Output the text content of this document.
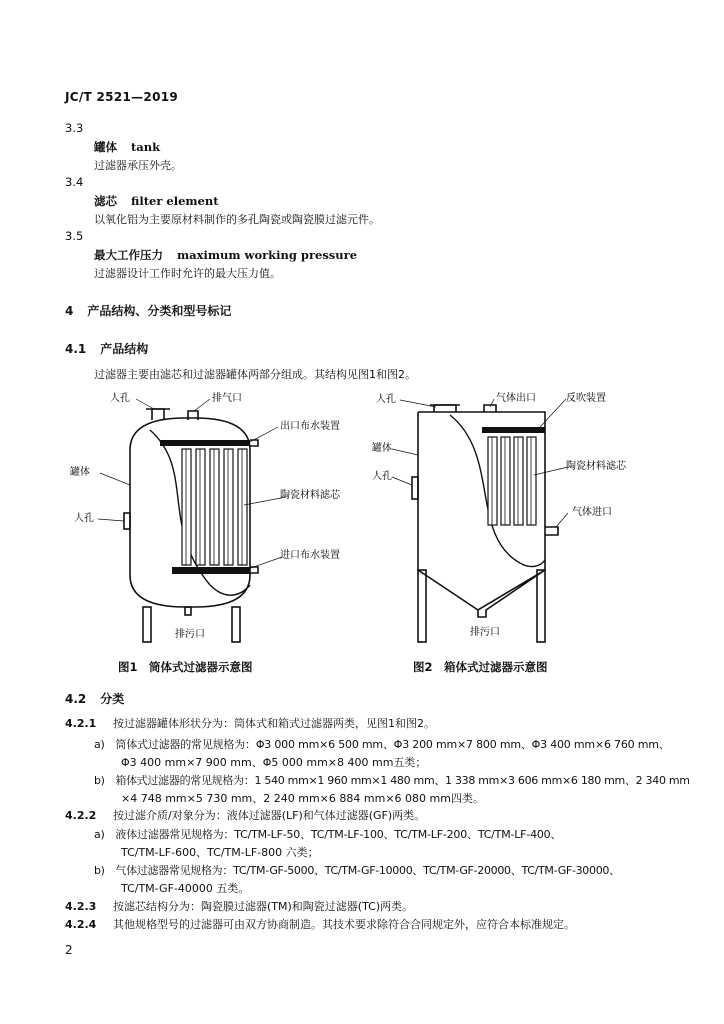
JC/T 2521—2019
3.3
罐体 tank
过滤器承压外壳。
3.4
滤芯 filter element
以氧化铝为主要原材料制作的多孔陶瓷或陶瓷膜过滤元件。
3.5
最大工作压力 maximum working pressure
过滤器设计工作时允许的最大压力值。
4 产品结构、分类和型号标记
4.1 产品结构
过滤器主要由滤芯和过滤器罐体两部分组成。其结构见图1和图2。
人孔	排气口
出口布水装置
罐体
人孔
陶瓷材料滤芯
进口布水装置
排污口
人孔	气体出口	反吹装置
罐体
人孔
陶瓷材料滤芯
气体进口
排污口
图1　筒体式过滤器示意图	图2　箱体式过滤器示意图
4.2 分类
4.2.1 按过滤器罐体形状分为：筒体式和箱式过滤器两类，见图1和图2。
a)　筒体式过滤器的常见规格为：Φ3 000 mm×6 500 mm、Φ3 200 mm×7 800 mm、Φ3 400 mm×6 760 mm、
Φ3 400 mm×7 900 mm、Φ5 000 mm×8 400 mm五类；
b)　箱体式过滤器的常见规格为：1 540 mm×1 960 mm×1 480 mm、1 338 mm×3 606 mm×6 180 mm、2 340 mm
×4 748 mm×5 730 mm、2 240 mm×6 884 mm×6 080 mm四类。
4.2.2 按过滤介质/对象分为：液体过滤器(LF)和气体过滤器(GF)两类。
a)　液体过滤器常见规格为：TC/TM-LF-50、TC/TM-LF-100、TC/TM-LF-200、TC/TM-LF-400、
TC/TM-LF-600、TC/TM-LF-800 六类；
b)　气体过滤器常见规格为：TC/TM-GF-5000、TC/TM-GF-10000、TC/TM-GF-20000、TC/TM-GF-30000、
TC/TM-GF-40000 五类。
4.2.3 按滤芯结构分为：陶瓷膜过滤器(TM)和陶瓷过滤器(TC)两类。
4.2.4 其他规格型号的过滤器可由双方协商制造。其技术要求除符合合同规定外，应符合本标准规定。
2
